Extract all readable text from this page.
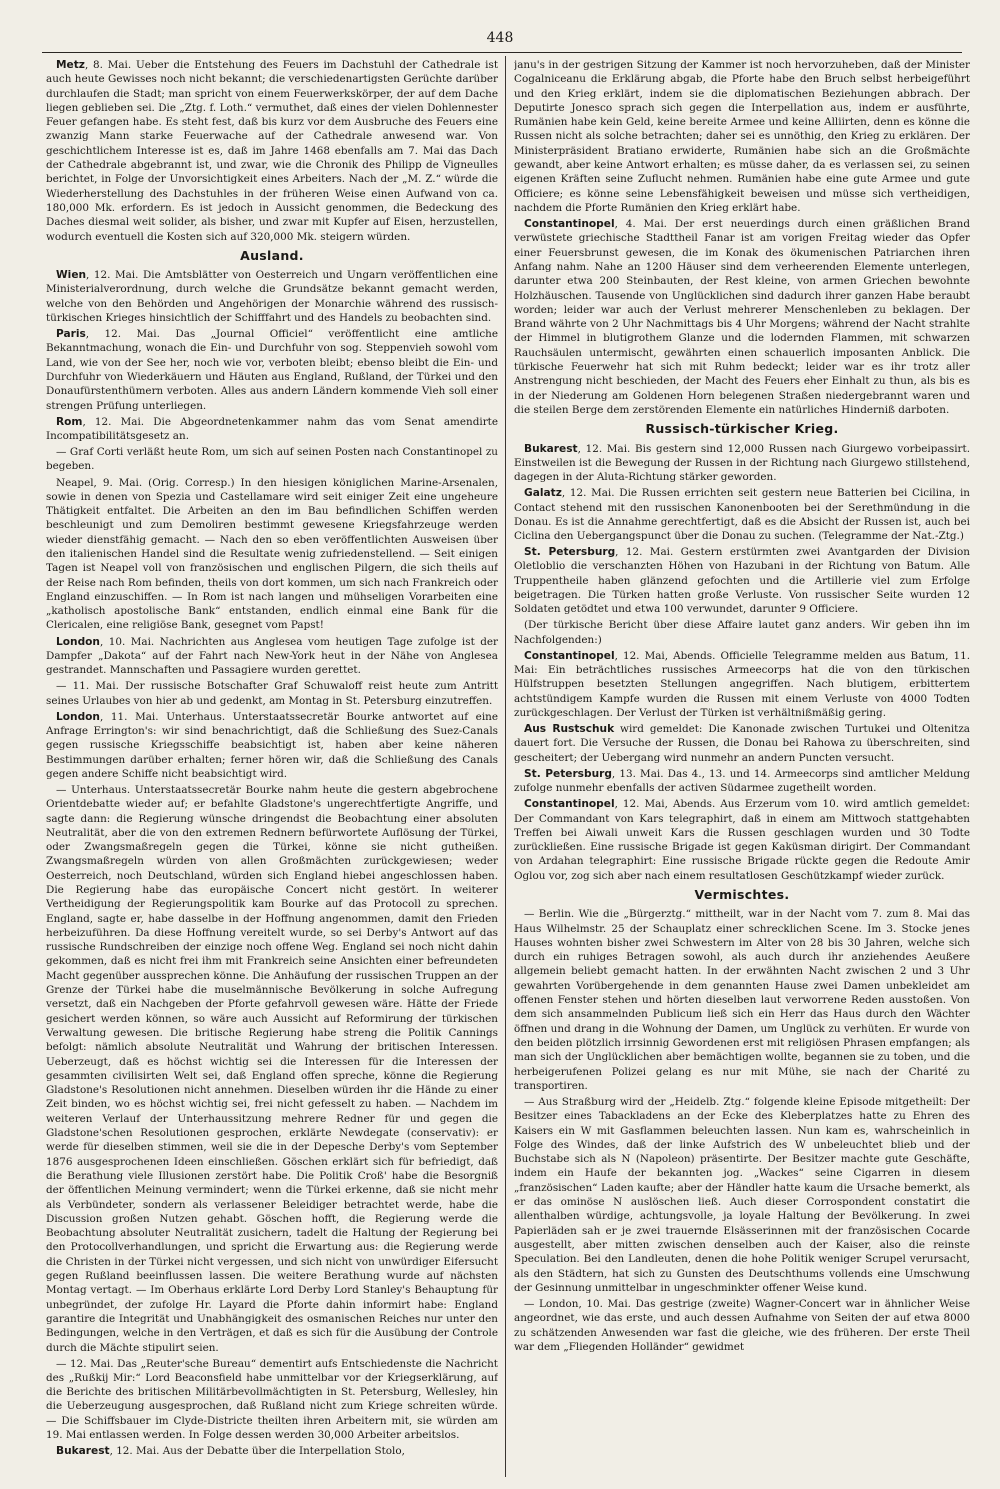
448

Metz, 8. Mai. Ueber die Entstehung des Feuers im Dachstuhl der Cathedrale ist auch heute Gewisses noch nicht bekannt; die verschiedenartigsten Gerüchte darüber durchlaufen die Stadt; man spricht von einem Feuerwerkskörper, der auf dem Dache liegen geblieben sei. Die „Ztg. f. Loth.“ vermuthet, daß eines der vielen Dohlennester Feuer gefangen habe. Es steht fest, daß bis kurz vor dem Ausbruche des Feuers eine zwanzig Mann starke Feuerwache auf der Cathedrale anwesend war. Von geschichtlichem Interesse ist es, daß im Jahre 1468 ebenfalls am 7. Mai das Dach der Cathedrale abgebrannt ist, und zwar, wie die Chronik des Philipp de Vigneulles berichtet, in Folge der Unvorsichtigkeit eines Arbeiters. Nach der „M. Z.“ würde die Wiederherstellung des Dachstuhles in der früheren Weise einen Aufwand von ca. 180,000 Mk. erfordern. Es ist jedoch in Aussicht genommen, die Bedeckung des Daches diesmal weit solider, als bisher, und zwar mit Kupfer auf Eisen, herzustellen, wodurch eventuell die Kosten sich auf 320,000 Mk. steigern würden.

Ausland.

Wien, 12. Mai. Die Amtsblätter von Oesterreich und Ungarn veröffentlichen eine Ministerialverordnung, durch welche die Grundsätze bekannt gemacht werden, welche von den Behörden und Angehörigen der Monarchie während des russisch-türkischen Krieges hinsichtlich der Schifffahrt und des Handels zu beobachten sind.

Paris, 12. Mai. Das „Journal Officiel“ veröffentlicht eine amtliche Bekanntmachung, wonach die Ein- und Durchfuhr von sog. Steppenvieh sowohl vom Land, wie von der See her, noch wie vor, verboten bleibt; ebenso bleibt die Ein- und Durchfuhr von Wiederkäuern und Häuten aus England, Rußland, der Türkei und den Donaufürstenthümern verboten. Alles aus andern Ländern kommende Vieh soll einer strengen Prüfung unterliegen.

Rom, 12. Mai. Die Abgeordnetenkammer nahm das vom Senat amendirte Incompatibilitätsgesetz an.

— Graf Corti verläßt heute Rom, um sich auf seinen Posten nach Constantinopel zu begeben.

Neapel, 9. Mai. (Orig. Corresp.) In den hiesigen königlichen Marine-Arsenalen, sowie in denen von Spezia und Castellamare wird seit einiger Zeit eine ungeheure Thätigkeit entfaltet. Die Arbeiten an den im Bau befindlichen Schiffen werden beschleunigt und zum Demoliren bestimmt gewesene Kriegsfahrzeuge werden wieder dienstfähig gemacht. — Nach den so eben veröffentlichten Ausweisen über den italienischen Handel sind die Resultate wenig zufriedenstellend. — Seit einigen Tagen ist Neapel voll von französischen und englischen Pilgern, die sich theils auf der Reise nach Rom befinden, theils von dort kommen, um sich nach Frankreich oder England einzuschiffen. — In Rom ist nach langen und mühseligen Vorarbeiten eine „katholisch apostolische Bank“ entstanden, endlich einmal eine Bank für die Clericalen, eine religiöse Bank, gesegnet vom Papst!

London, 10. Mai. Nachrichten aus Anglesea vom heutigen Tage zufolge ist der Dampfer „Dakota“ auf der Fahrt nach New-York heut in der Nähe von Anglesea gestrandet. Mannschaften und Passagiere wurden gerettet.

— 11. Mai. Der russische Botschafter Graf Schuwaloff reist heute zum Antritt seines Urlaubes von hier ab und gedenkt, am Montag in St. Petersburg einzutreffen.

London, 11. Mai. Unterhaus. Unterstaatssecretär Bourke antwortet auf eine Anfrage Errington's: wir sind benachrichtigt, daß die Schließung des Suez-Canals gegen russische Kriegsschiffe beabsichtigt ist, haben aber keine näheren Bestimmungen darüber erhalten; ferner hören wir, daß die Schließung des Canals gegen andere Schiffe nicht beabsichtigt wird.

— Unterhaus. Unterstaatssecretär Bourke nahm heute die gestern abgebrochene Orientdebatte wieder auf; er befahlte Gladstone's ungerechtfertigte Angriffe, und sagte dann: die Regierung wünsche dringendst die Beobachtung einer absoluten Neutralität, aber die von den extremen Rednern befürwortete Auflösung der Türkei, oder Zwangsmaßregeln gegen die Türkei, könne sie nicht gutheißen. Zwangsmaßregeln würden von allen Großmächten zurückgewiesen; weder Oesterreich, noch Deutschland, würden sich England hiebei angeschlossen haben. Die Regierung habe das europäische Concert nicht gestört. In weiterer Vertheidigung der Regierungspolitik kam Bourke auf das Protocoll zu sprechen. England, sagte er, habe dasselbe in der Hoffnung angenommen, damit den Frieden herbeizuführen. Da diese Hoffnung vereitelt wurde, so sei Derby's Antwort auf das russische Rundschreiben der einzige noch offene Weg. England sei noch nicht dahin gekommen, daß es nicht frei ihm mit Frankreich seine Ansichten einer befreundeten Macht gegenüber aussprechen könne. Die Anhäufung der russischen Truppen an der Grenze der Türkei habe die muselmännische Bevölkerung in solche Aufregung versetzt, daß ein Nachgeben der Pforte gefahrvoll gewesen wäre. Hätte der Friede gesichert werden können, so wäre auch Aussicht auf Reformirung der türkischen Verwaltung gewesen. Die britische Regierung habe streng die Politik Cannings befolgt: nämlich absolute Neutralität und Wahrung der britischen Interessen. Ueberzeugt, daß es höchst wichtig sei die Interessen für die Interessen der gesammten civilisirten Welt sei, daß England offen spreche, könne die Regierung Gladstone's Resolutionen nicht annehmen. Dieselben würden ihr die Hände zu einer Zeit binden, wo es höchst wichtig sei, frei nicht gefesselt zu haben. — Nachdem im weiteren Verlauf der Unterhaussitzung mehrere Redner für und gegen die Gladstone'schen Resolutionen gesprochen, erklärte Newdegate (conservativ): er werde für dieselben stimmen, weil sie die in der Depesche Derby's vom September 1876 ausgesprochenen Ideen einschließen. Göschen erklärt sich für befriedigt, daß die Berathung viele Illusionen zerstört habe. Die Politik Croß' habe die Besorgniß der öffentlichen Meinung vermindert; wenn die Türkei erkenne, daß sie nicht mehr als Verbündeter, sondern als verlassener Beleidiger betrachtet werde, habe die Discussion großen Nutzen gehabt. Göschen hofft, die Regierung werde die Beobachtung absoluter Neutralität zusichern, tadelt die Haltung der Regierung bei den Protocollverhandlungen, und spricht die Erwartung aus: die Regierung werde die Christen in der Türkei nicht vergessen, und sich nicht von unwürdiger Eifersucht gegen Rußland beeinflussen lassen. Die weitere Berathung wurde auf nächsten Montag vertagt. — Im Oberhaus erklärte Lord Derby Lord Stanley's Behauptung für unbegründet, der zufolge Hr. Layard die Pforte dahin informirt habe: England garantire die Integrität und Unabhängigkeit des osmanischen Reiches nur unter den Bedingungen, welche in den Verträgen, et daß es sich für die Ausübung der Controle durch die Mächte stipulirt seien.

— 12. Mai. Das „Reuter'sche Bureau“ dementirt aufs Entschiedenste die Nachricht des „Rußkij Mir:“ Lord Beaconsfield habe unmittelbar vor der Kriegserklärung, auf die Berichte des britischen Militärbevollmächtigten in St. Petersburg, Wellesley, hin die Ueberzeugung ausgesprochen, daß Rußland nicht zum Kriege schreiten würde. — Die Schiffsbauer im Clyde-Districte theilten ihren Arbeitern mit, sie würden am 19. Mai entlassen werden. In Folge dessen werden 30,000 Arbeiter arbeitslos.

Bukarest, 12. Mai. Aus der Debatte über die Interpellation Stolo,

janu's in der gestrigen Sitzung der Kammer ist noch hervorzuheben, daß der Minister Cogalniceanu die Erklärung abgab, die Pforte habe den Bruch selbst herbeigeführt und den Krieg erklärt, indem sie die diplomatischen Beziehungen abbrach. Der Deputirte Jonesco sprach sich gegen die Interpellation aus, indem er ausführte, Rumänien habe kein Geld, keine bereite Armee und keine Alliirten, denn es könne die Russen nicht als solche betrachten; daher sei es unnöthig, den Krieg zu erklären. Der Ministerpräsident Bratiano erwiderte, Rumänien habe sich an die Großmächte gewandt, aber keine Antwort erhalten; es müsse daher, da es verlassen sei, zu seinen eigenen Kräften seine Zuflucht nehmen. Rumänien habe eine gute Armee und gute Officiere; es könne seine Lebensfähigkeit beweisen und müsse sich vertheidigen, nachdem die Pforte Rumänien den Krieg erklärt habe.

Constantinopel, 4. Mai. Der erst neuerdings durch einen gräßlichen Brand verwüstete griechische Stadttheil Fanar ist am vorigen Freitag wieder das Opfer einer Feuersbrunst gewesen, die im Konak des ökumenischen Patriarchen ihren Anfang nahm. Nahe an 1200 Häuser sind dem verheerenden Elemente unterlegen, darunter etwa 200 Steinbauten, der Rest kleine, von armen Griechen bewohnte Holzhäuschen. Tausende von Unglücklichen sind dadurch ihrer ganzen Habe beraubt worden; leider war auch der Verlust mehrerer Menschenleben zu beklagen. Der Brand währte von 2 Uhr Nachmittags bis 4 Uhr Morgens; während der Nacht strahlte der Himmel in blutigrothem Glanze und die lodernden Flammen, mit schwarzen Rauchsäulen untermischt, gewährten einen schauerlich imposanten Anblick. Die türkische Feuerwehr hat sich mit Ruhm bedeckt; leider war es ihr trotz aller Anstrengung nicht beschieden, der Macht des Feuers eher Einhalt zu thun, als bis es in der Niederung am Goldenen Horn belegenen Straßen niedergebrannt waren und die steilen Berge dem zerstörenden Elemente ein natürliches Hinderniß darboten.

Russisch-türkischer Krieg.

Bukarest, 12. Mai. Bis gestern sind 12,000 Russen nach Giurgewo vorbeipassirt. Einstweilen ist die Bewegung der Russen in der Richtung nach Giurgewo stillstehend, dagegen in der Aluta-Richtung stärker geworden.

Galatz, 12. Mai. Die Russen errichten seit gestern neue Batterien bei Cicilina, in Contact stehend mit den russischen Kanonenbooten bei der Serethmündung in die Donau. Es ist die Annahme gerechtfertigt, daß es die Absicht der Russen ist, auch bei Ciclina den Uebergangspunct über die Donau zu suchen. (Telegramme der Nat.-Ztg.)

St. Petersburg, 12. Mai. Gestern erstürmten zwei Avantgarden der Division Oletloblio die verschanzten Höhen von Hazubani in der Richtung von Batum. Alle Truppentheile haben glänzend gefochten und die Artillerie viel zum Erfolge beigetragen. Die Türken hatten große Verluste. Von russischer Seite wurden 12 Soldaten getödtet und etwa 100 verwundet, darunter 9 Officiere.

(Der türkische Bericht über diese Affaire lautet ganz anders. Wir geben ihn im Nachfolgenden:)

Constantinopel, 12. Mai, Abends. Officielle Telegramme melden aus Batum, 11. Mai: Ein beträchtliches russisches Armeecorps hat die von den türkischen Hülfstruppen besetzten Stellungen angegriffen. Nach blutigem, erbittertem achtstündigem Kampfe wurden die Russen mit einem Verluste von 4000 Todten zurückgeschlagen. Der Verlust der Türken ist verhältnißmäßig gering.

Aus Rustschuk wird gemeldet: Die Kanonade zwischen Turtukei und Oltenitza dauert fort. Die Versuche der Russen, die Donau bei Rahowa zu überschreiten, sind gescheitert; der Uebergang wird nunmehr an andern Puncten versucht.

St. Petersburg, 13. Mai. Das 4., 13. und 14. Armeecorps sind amtlicher Meldung zufolge nunmehr ebenfalls der activen Südarmee zugetheilt worden.

Constantinopel, 12. Mai, Abends. Aus Erzerum vom 10. wird amtlich gemeldet: Der Commandant von Kars telegraphirt, daß in einem am Mittwoch stattgehabten Treffen bei Aiwali unweit Kars die Russen geschlagen wurden und 30 Todte zurückließen. Eine russische Brigade ist gegen Kaküsman dirigirt. Der Commandant von Ardahan telegraphirt: Eine russische Brigade rückte gegen die Redoute Amir Oglou vor, zog sich aber nach einem resultatlosen Geschützkampf wieder zurück.

Vermischtes.

— Berlin. Wie die „Bürgerztg.“ mittheilt, war in der Nacht vom 7. zum 8. Mai das Haus Wilhelmstr. 25 der Schauplatz einer schrecklichen Scene. Im 3. Stocke jenes Hauses wohnten bisher zwei Schwestern im Alter von 28 bis 30 Jahren, welche sich durch ein ruhiges Betragen sowohl, als auch durch ihr anziehendes Aeußere allgemein beliebt gemacht hatten. In der erwähnten Nacht zwischen 2 und 3 Uhr gewahrten Vorübergehende in dem genannten Hause zwei Damen unbekleidet am offenen Fenster stehen und hörten dieselben laut verworrene Reden ausstoßen. Von dem sich ansammelnden Publicum ließ sich ein Herr das Haus durch den Wächter öffnen und drang in die Wohnung der Damen, um Unglück zu verhüten. Er wurde von den beiden plötzlich irrsinnig Gewordenen erst mit religiösen Phrasen empfangen; als man sich der Unglücklichen aber bemächtigen wollte, begannen sie zu toben, und die herbeigerufenen Polizei gelang es nur mit Mühe, sie nach der Charité zu transportiren.

— Aus Straßburg wird der „Heidelb. Ztg.“ folgende kleine Episode mitgetheilt: Der Besitzer eines Tabackladens an der Ecke des Kleberplatzes hatte zu Ehren des Kaisers ein W mit Gasflammen beleuchten lassen. Nun kam es, wahrscheinlich in Folge des Windes, daß der linke Aufstrich des W unbeleuchtet blieb und der Buchstabe sich als N (Napoleon) präsentirte. Der Besitzer machte gute Geschäfte, indem ein Haufe der bekannten jog. „Wackes“ seine Cigarren in diesem „französischen“ Laden kaufte; aber der Händler hatte kaum die Ursache bemerkt, als er das ominöse N auslöschen ließ. Auch dieser Corrospondent constatirt die allenthalben würdige, achtungsvolle, ja loyale Haltung der Bevölkerung. In zwei Papierläden sah er je zwei trauernde Elsässerinnen mit der französischen Cocarde ausgestellt, aber mitten zwischen denselben auch der Kaiser, also die reinste Speculation. Bei den Landleuten, denen die hohe Politik weniger Scrupel verursacht, als den Städtern, hat sich zu Gunsten des Deutschthums vollends eine Umschwung der Gesinnung unmittelbar in ungeschminkter offener Weise kund.

— London, 10. Mai. Das gestrige (zweite) Wagner-Concert war in ähnlicher Weise angeordnet, wie das erste, und auch dessen Aufnahme von Seiten der auf etwa 8000 zu schätzenden Anwesenden war fast die gleiche, wie des früheren. Der erste Theil war dem „Fliegenden Holländer“ gewidmet
